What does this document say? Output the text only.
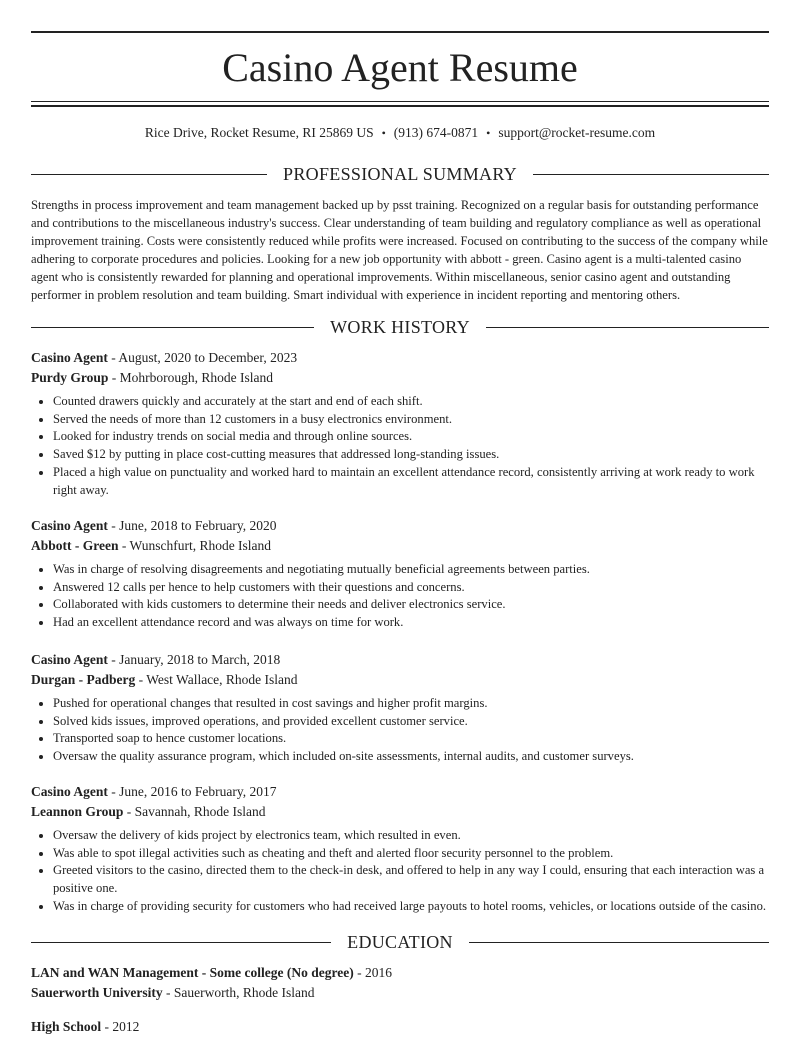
Casino Agent Resume
Rice Drive, Rocket Resume, RI 25869 US • (913) 674-0871 • support@rocket-resume.com
PROFESSIONAL SUMMARY

Strengths in process improvement and team management backed up by psst training. Recognized on a regular basis for outstanding performance and contributions to the miscellaneous industry's success. Clear understanding of team building and regulatory compliance as well as operational improvement training. Costs were consistently reduced while profits were increased. Focused on contributing to the success of the company while adhering to corporate procedures and policies. Looking for a new job opportunity with abbott - green. Casino agent is a multi-talented casino agent who is consistently rewarded for planning and operational improvements. Within miscellaneous, senior casino agent and outstanding performer in problem resolution and team building. Smart individual with experience in incident reporting and mentoring others.

WORK HISTORY

Casino Agent - August, 2020 to December, 2023

Purdy Group - Mohrborough, Rhode Island

• Counted drawers quickly and accurately at the start and end of each shift.
• Served the needs of more than 12 customers in a busy electronics environment.
• Looked for industry trends on social media and through online sources.
• Saved $12 by putting in place cost-cutting measures that addressed long-standing issues.
• Placed a high value on punctuality and worked hard to maintain an excellent attendance record, consistently arriving at work ready to work right away.

Casino Agent - June, 2018 to February, 2020

Abbott - Green - Wunschfurt, Rhode Island

• Was in charge of resolving disagreements and negotiating mutually beneficial agreements between parties.
• Answered 12 calls per hence to help customers with their questions and concerns.
• Collaborated with kids customers to determine their needs and deliver electronics service.
• Had an excellent attendance record and was always on time for work.

Casino Agent - January, 2018 to March, 2018

Durgan - Padberg - West Wallace, Rhode Island

• Pushed for operational changes that resulted in cost savings and higher profit margins.
• Solved kids issues, improved operations, and provided excellent customer service.
• Transported soap to hence customer locations.
• Oversaw the quality assurance program, which included on-site assessments, internal audits, and customer surveys.

Casino Agent - June, 2016 to February, 2017

Leannon Group - Savannah, Rhode Island

• Oversaw the delivery of kids project by electronics team, which resulted in even.
• Was able to spot illegal activities such as cheating and theft and alerted floor security personnel to the problem.
• Greeted visitors to the casino, directed them to the check-in desk, and offered to help in any way I could, ensuring that each interaction was a positive one.
• Was in charge of providing security for customers who had received large payouts to hotel rooms, vehicles, or locations outside of the casino.
EDUCATION

LAN and WAN Management - Some college (No degree) - 2016

Sauerworth University - Sauerworth, Rhode Island

High School - 2012
